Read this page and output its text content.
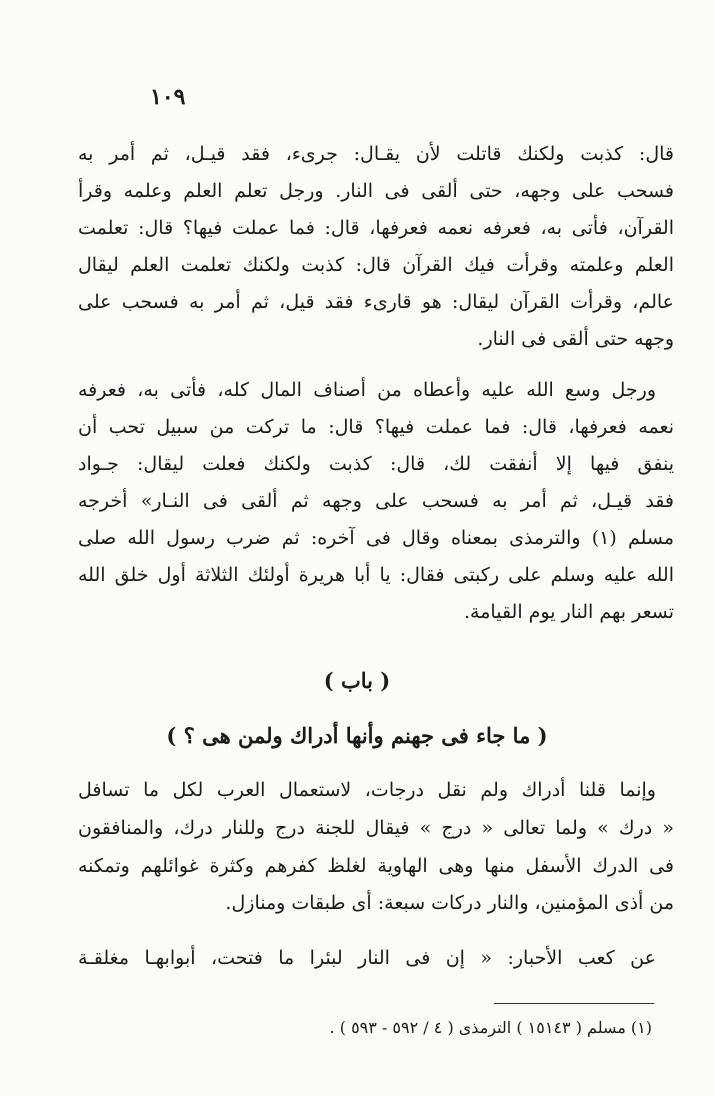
١٠٩
قال: كذبت ولكنك قاتلت لأن يقـال: جرىء، فقد قيـل، ثم أمر به
فسحب على وجهه، حتى ألقى فى النار. ورجل تعلم العلم وعلمه وقرأ
القرآن، فأتى به، فعرفه نعمه فعرفها، قال: فما عملت فيها؟ قال: تعلمت
العلم وعلمته وقرأت فيك القرآن قال: كذبت ولكنك تعلمت العلم ليقال
عالم، وقرأت القرآن ليقال: هو قارىء فقد قيل، ثم أمر به فسحب على
وجهه حتى ألقى فى النار.
ورجل وسع الله عليه وأعطاه من أصناف المال كله، فأتى به، فعرفه
نعمه فعرفها، قال: فما عملت فيها؟ قال: ما تركت من سبيل تحب أن
ينفق فيها إلا أنفقت لك، قال: كذبت ولكنك فعلت ليقال: جـواد
فقد قيـل، ثم أمر به فسحب على وجهه ثم ألقى فى النـار» أخرجه
مسلم (١) والترمذى بمعناه وقال فى آخره: ثم ضرب رسول الله صلى
الله عليه وسلم على ركبتى فقال: يا أبا هريرة أولئك الثلاثة أول خلق الله
تسعر بهم النار يوم القيامة.
( باب )
( ما جاء فى جهنم وأنها أدراك ولمن هى ؟ )
وإنما قلنا أدراك ولم نقل درجات، لاستعمال العرب لكل ما تسافل
« درك » ولما تعالى « درج » فيقال للجنة درج وللنار درك، والمنافقون
فى الدرك الأسفل منها وهى الهاوية لغلظ كفرهم وكثرة غوائلهم وتمكنه
من أذى المؤمنين، والنار دركات سبعة: أى طبقات ومنازل.
عن كعب الأحبار: « إن فى النار لبئرا ما فتحت، أبوابهـا مغلقـة
(١) مسلم ( ١٥١٤٣ ) الترمذى ( ٤ / ٥٩٢ - ٥٩٣ ) .
